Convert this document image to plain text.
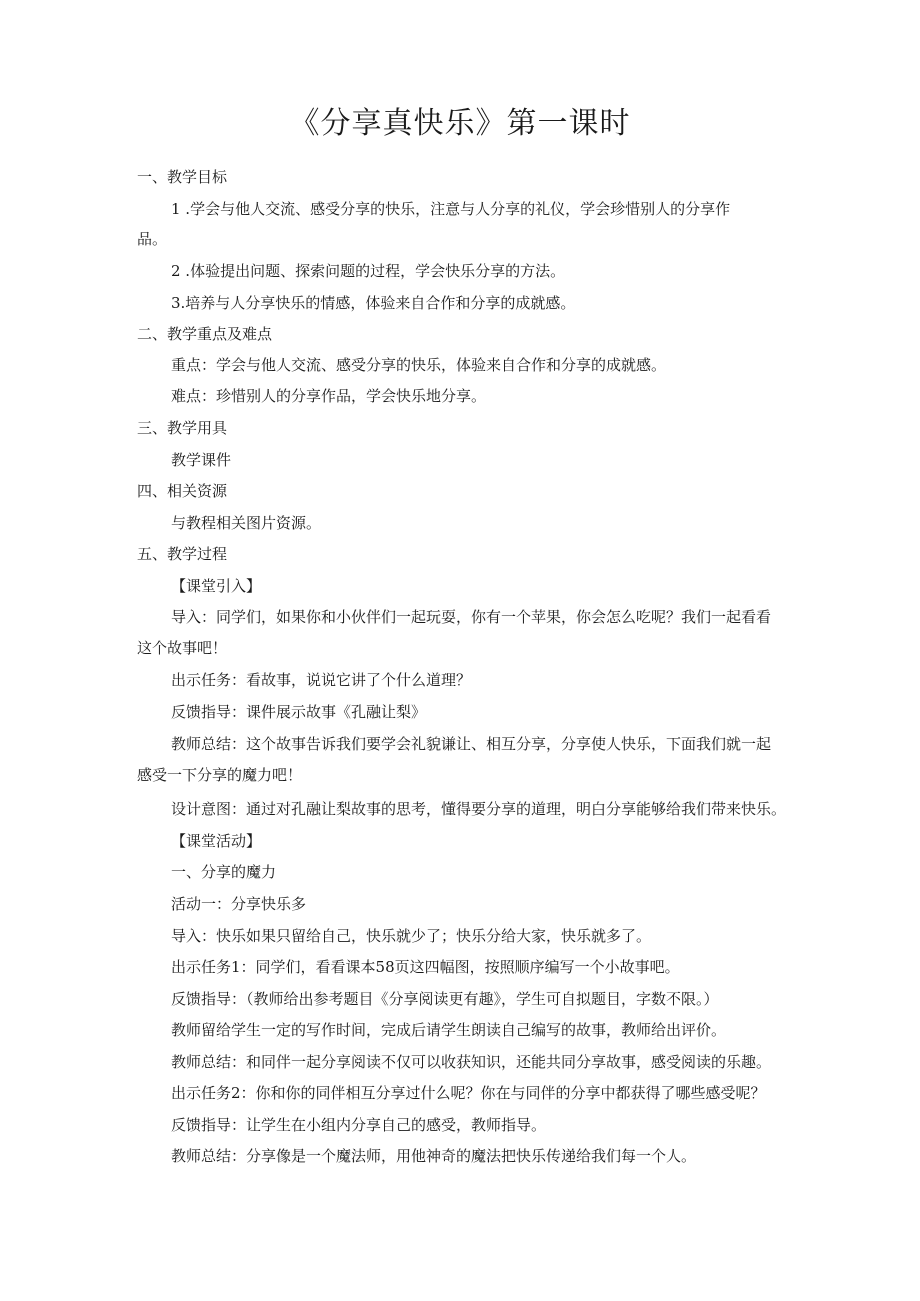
《分享真快乐》第一课时
一、教学目标
1 .学会与他人交流、感受分享的快乐，注意与人分享的礼仪，学会珍惜别人的分享作
品。
2 .体验提出问题、探索问题的过程，学会快乐分享的方法。
3.培养与人分享快乐的情感，体验来自合作和分享的成就感。
二、教学重点及难点
重点：学会与他人交流、感受分享的快乐，体验来自合作和分享的成就感。
难点：珍惜别人的分享作品，学会快乐地分享。
三、教学用具
教学课件
四、相关资源
与教程相关图片资源。
五、教学过程
【课堂引入】
导入：同学们，如果你和小伙伴们一起玩耍，你有一个苹果，你会怎么吃呢？我们一起看看
这个故事吧！
出示任务：看故事，说说它讲了个什么道理？
反馈指导：课件展示故事《孔融让梨》
教师总结：这个故事告诉我们要学会礼貌谦让、相互分享，分享使人快乐，下面我们就一起
感受一下分享的魔力吧！
设计意图：通过对孔融让梨故事的思考，懂得要分享的道理，明白分享能够给我们带来快乐。
【课堂活动】
一、分享的魔力
活动一：分享快乐多
导入：快乐如果只留给自己，快乐就少了；快乐分给大家，快乐就多了。
出示任务1：同学们，看看课本58页这四幅图，按照顺序编写一个小故事吧。
反馈指导：（教师给出参考题目《分享阅读更有趣》，学生可自拟题目，字数不限。）
教师留给学生一定的写作时间，完成后请学生朗读自己编写的故事，教师给出评价。
教师总结：和同伴一起分享阅读不仅可以收获知识，还能共同分享故事，感受阅读的乐趣。
出示任务2：你和你的同伴相互分享过什么呢？你在与同伴的分享中都获得了哪些感受呢？
反馈指导：让学生在小组内分享自己的感受，教师指导。
教师总结：分享像是一个魔法师，用他神奇的魔法把快乐传递给我们每一个人。
